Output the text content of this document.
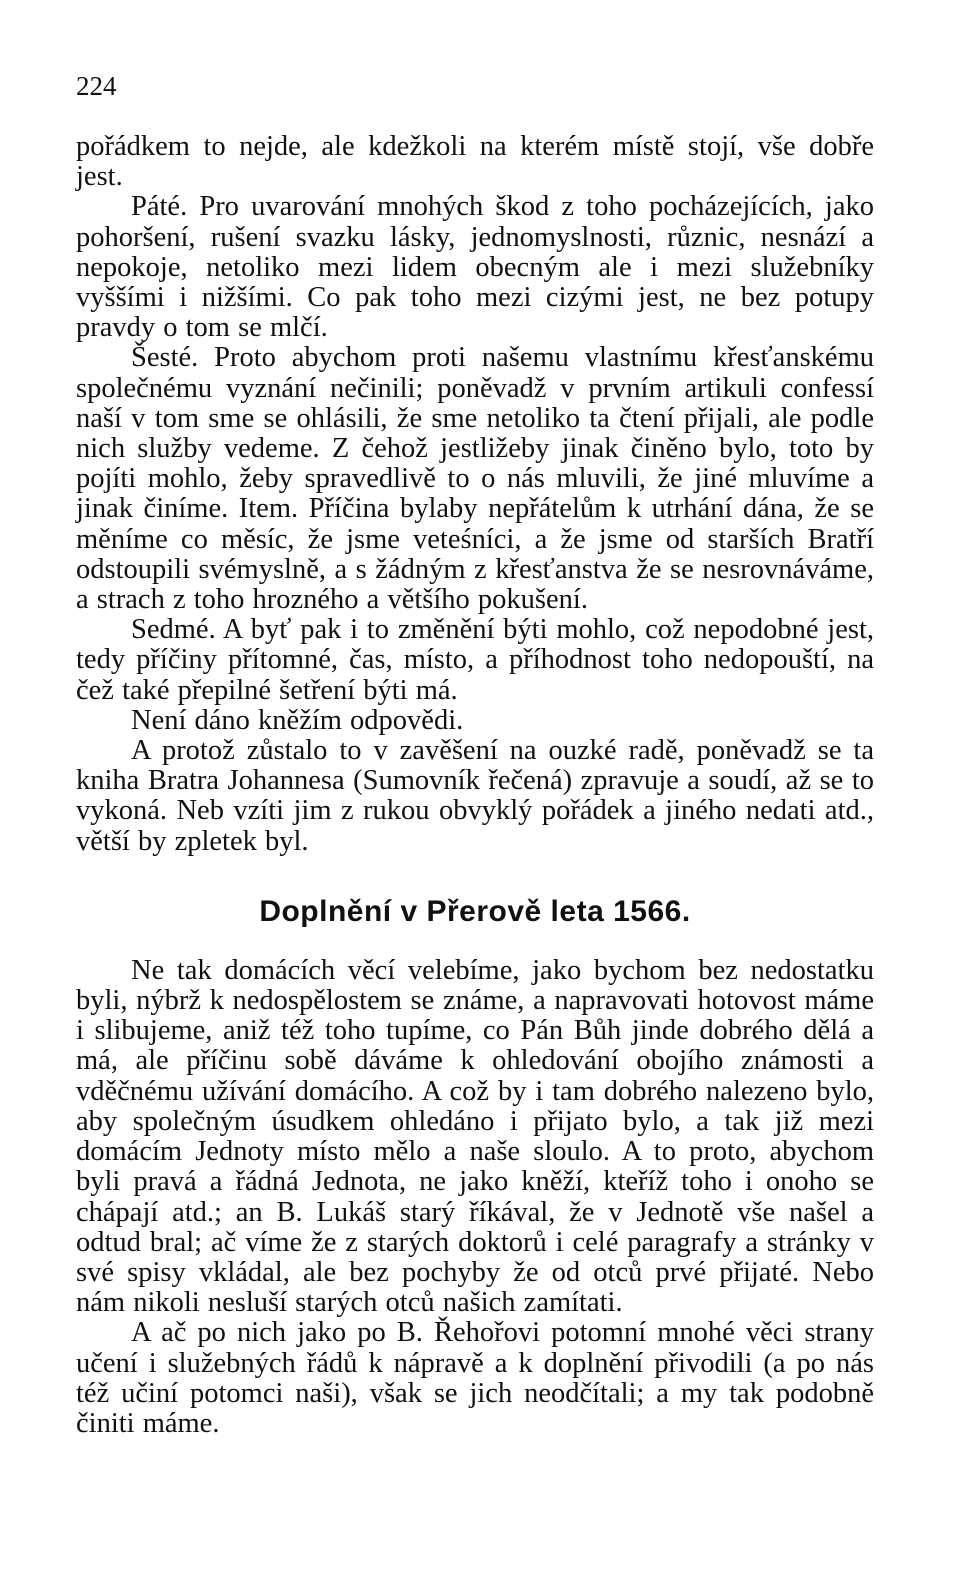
224

pořádkem to nejde, ale kdežkoli na kterém místě stojí, vše dobře jest.

Páté. Pro uvarování mnohých škod z toho pocházejících, jako pohoršení, rušení svazku lásky, jednomyslnosti, různic, nesnází a nepokoje, netoliko mezi lidem obecným ale i mezi služebníky vyššími i nižšími. Co pak toho mezi cizými jest, ne bez potupy pravdy o tom se mlčí.

Šesté. Proto abychom proti našemu vlastnímu křesťanskému společnému vyznání nečinili; poněvadž v prvním artikuli confessí naší v tom sme se ohlásili, že sme netoliko ta čtení přijali, ale podle nich služby vedeme. Z čehož jestližeby jinak činěno bylo, toto by pojíti mohlo, žeby spravedlivě to o nás mluvili, že jiné mluvíme a jinak činíme. Item. Příčina bylaby nepřátelům k utrhání dána, že se měníme co měsíc, že jsme veteśníci, a že jsme od starších Bratří odstoupili svémyslně, a s žádným z křesťanstva že se nesrovnáváme, a strach z toho hrozného a většího pokušení.

Sedmé. A byť pak i to změnění býti mohlo, což nepodobné jest, tedy příčiny přítomné, čas, místo, a příhodnost toho nedopouští, na čež také přepilné šetření býti má.

Není dáno kněžím odpovědi.

A protož zůstalo to v zavěšení na ouzké radě, poněvadž se ta kniha Bratra Johannesa (Sumovník řečená) zpravuje a soudí, až se to vykoná. Neb vzíti jim z rukou obvyklý pořádek a jiného nedati atd., větší by zpletek byl.

Doplnění v Přerově leta 1566.

Ne tak domácích věcí velebíme, jako bychom bez nedostatku byli, nýbrž k nedospělostem se známe, a napravovati hotovost máme i slibujeme, aniž též toho tupíme, co Pán Bůh jinde dobrého dělá a má, ale příčinu sobě dáváme k ohledování obojího známosti a vděčnému užívání domácího. A což by i tam dobrého nalezeno bylo, aby společným úsudkem ohledáno i přijato bylo, a tak již mezi domácím Jednoty místo mělo a naše sloulo. A to proto, abychom byli pravá a řádná Jednota, ne jako kněží, kteříž toho i onoho se chápají atd.; an B. Lukáš starý říkával, že v Jednotě vše našel a odtud bral; ač víme že z starých doktorů i celé paragrafy a stránky v své spisy vkládal, ale bez pochyby že od otců prvé přijaté. Nebo nám nikoli nesluší starých otců našich zamítati.

A ač po nich jako po B. Řehořovi potomní mnohé věci strany učení i služebných řádů k nápravě a k doplnění přivodili (a po nás též učiní potomci naši), však se jich neodčítali; a my tak podobně činiti máme.
